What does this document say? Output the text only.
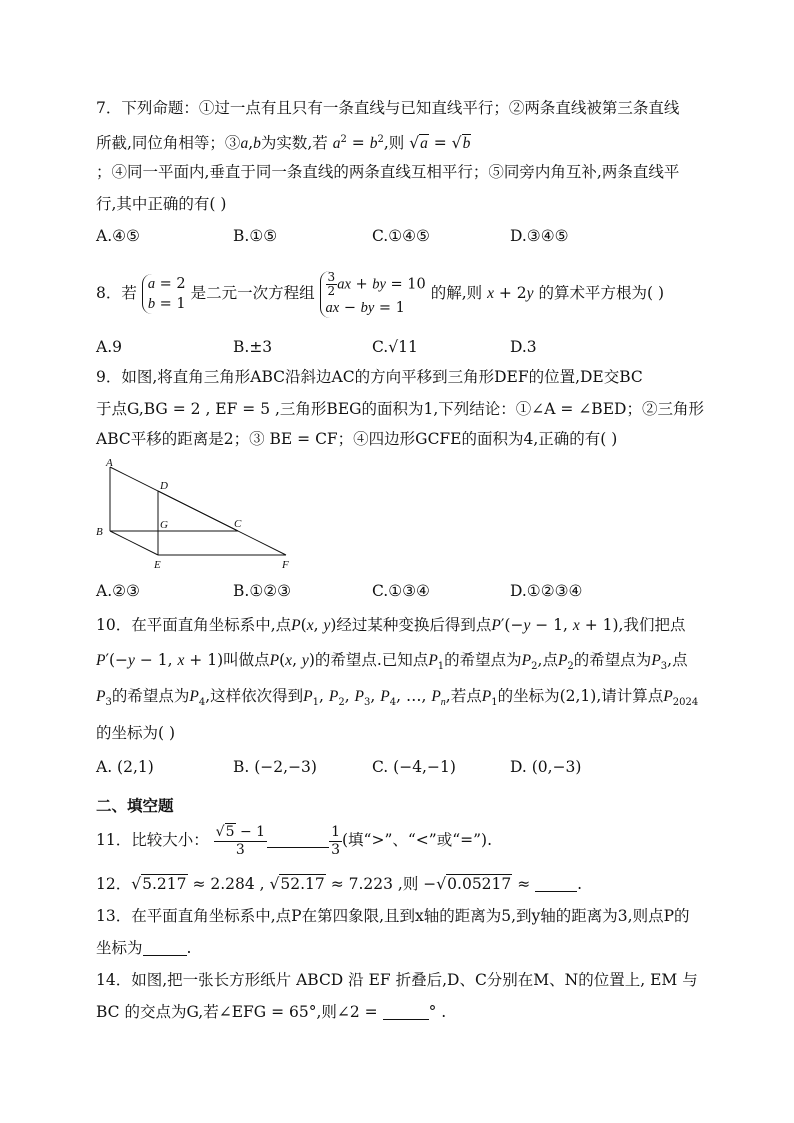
7．下列命题：①过一点有且只有一条直线与已知直线平行；②两条直线被第三条直线
所截,同位角相等；③a,b为实数,若 $a^2 = b^2$,则 √a = √b
；④同一平面内,垂直于同一条直线的两条直线互相平行；⑤同旁内角互补,两条直线平
行,其中正确的有( )
A.④⑤	B.①⑤	C.①④⑤	D.③④⑤
8．若 a = 2
b = 1 是二元一次方程组 $\frac{3}{2}$ ax + by = 10
ax − by = 1 的解,则 x + 2y 的算术平方根为( )
A.9	B.±3	C.√11	D.3
9．如图,将直角三角形ABC沿斜边AC的方向平移到三角形DEF的位置,DE交BC
于点G,BG = 2 , EF = 5 ,三角形BEG的面积为1,下列结论：①∠A = ∠BED；②三角形
ABC平移的距离是2；③ BE = CF；④四边形GCFE的面积为4,正确的有( )
A
D
B
G	C
E	F
A.②③	B.①②③	C.①③④	D.①②③④
10．在平面直角坐标系中,点P(x, y)经过某种变换后得到点P′(−y − 1, x + 1),我们把点
P′(−y − 1, x + 1)叫做点P(x, y)的希望点.已知点$P_1$的希望点为$P_2$,点$P_2$的希望点为$P_3$,点
$P_3$的希望点为$P_4$,这样依次得到$P_1$, $P_2$, $P_3$, $P_4$, …, $P_n$,若点$P_1$的坐标为(2,1),请计算点$P_{2024}$
的坐标为( )
A. (2,1)	B. (−2,−3)	C. (−4,−1)	D. (0,−3)
二、填空题
11．比较大小： $\frac{√5 - 1}{3}$	$\frac{1}{3}$ (填“>”、“<”或“=”).
12．√5.217 ≈ 2.284 , √52.17 ≈ 7.223 ,则 −√0.05217 ≈	.
13．在平面直角坐标系中,点P在第四象限,且到x轴的距离为5,到y轴的距离为3,则点P的
坐标为	.
14．如图,把一张长方形纸片 ABCD 沿 EF 折叠后,D、C分别在M、N的位置上, EM 与
BC 的交点为G,若∠EFG = 65°,则∠2 =	° .
